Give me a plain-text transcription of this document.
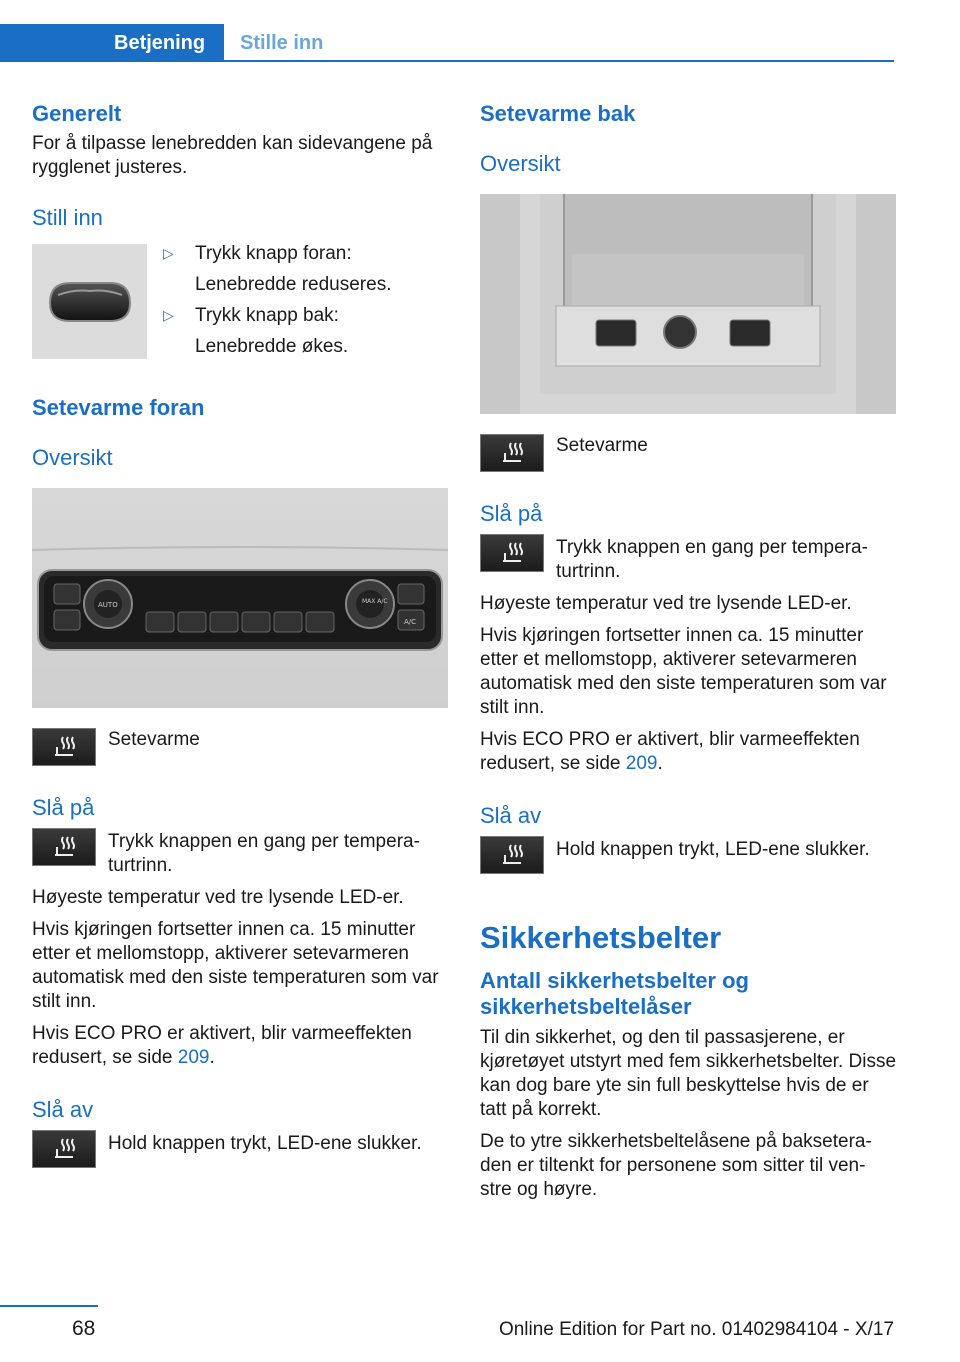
Betjening	Stille inn
Generelt

For å tilpasse lenebredden kan sidevangene på rygglenet justeres.

Still inn
▷ Trykk knapp foran:
Lenebredde reduseres.
▷ Trykk knapp bak:
Lenebredde økes.
Setevarme foran
Oversikt
AUTO	MAX A/C
A/C

Setevarme

Slå på

Trykk knappen en gang per tempera-turtrinn.

Høyeste temperatur ved tre lysende LED-er.

Hvis kjøringen fortsetter innen ca. 15 minutter etter et mellomstopp, aktiverer setevarmeren automatisk med den siste temperaturen som var stilt inn.

Hvis ECO PRO er aktivert, blir varmeeffekten redusert, se side 209.

Slå av

Hold knappen trykt, LED-ene slukker.

Setevarme bak
Oversikt

Setevarme

Slå på

Trykk knappen en gang per tempera-turtrinn.

Høyeste temperatur ved tre lysende LED-er.

Hvis kjøringen fortsetter innen ca. 15 minutter etter et mellomstopp, aktiverer setevarmeren automatisk med den siste temperaturen som var stilt inn.

Hvis ECO PRO er aktivert, blir varmeeffekten redusert, se side 209.

Slå av

Hold knappen trykt, LED-ene slukker.

Sikkerhetsbelter
Antall sikkerhetsbelter og sikkerhetsbeltelåser

Til din sikkerhet, og den til passasjerene, er kjøretøyet utstyrt med fem sikkerhetsbelter. Disse kan dog bare yte sin full beskyttelse hvis de er tatt på korrekt.

De to ytre sikkerhetsbeltelåsene på baksetera-den er tiltenkt for personene som sitter til ven-stre og høyre.

68	Online Edition for Part no. 01402984104 - X/17
